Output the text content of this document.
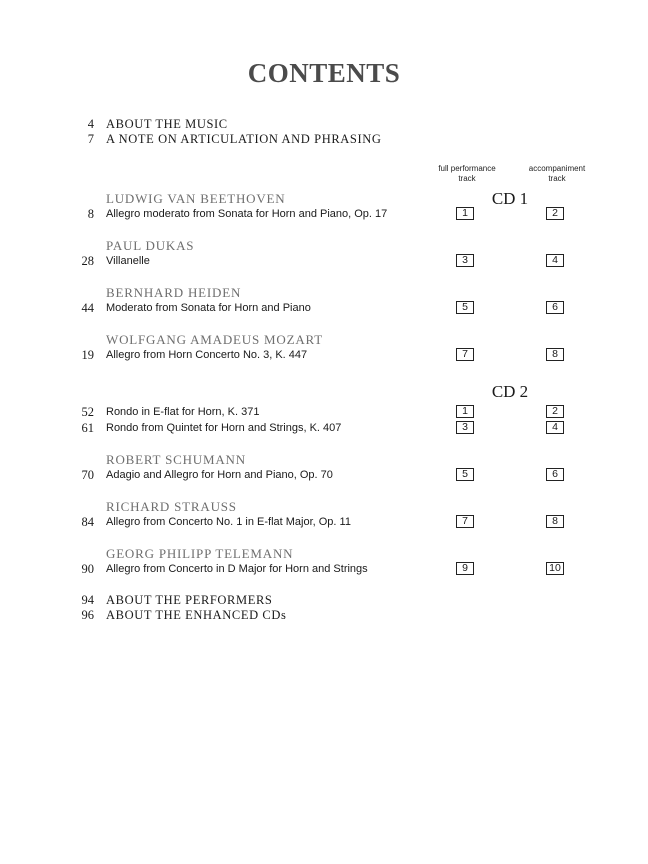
CONTENTS
4 ABOUT THE MUSIC
7 A NOTE ON ARTICULATION AND PHRASING
full performance
track
accompaniment
track
CD 1
LUDWIG VAN BEETHOVEN
8 Allegro moderato from Sonata for Horn and Piano, Op. 17	1	2
PAUL DUKAS
28 Villanelle	3	4
BERNHARD HEIDEN
44 Moderato from Sonata for Horn and Piano	5	6
WOLFGANG AMADEUS MOZART
19 Allegro from Horn Concerto No. 3, K. 447	7	8
CD 2
52 Rondo in E-flat for Horn, K. 371	1	2
61 Rondo from Quintet for Horn and Strings, K. 407	3	4
ROBERT SCHUMANN
70 Adagio and Allegro for Horn and Piano, Op. 70	5	6
RICHARD STRAUSS
84 Allegro from Concerto No. 1 in E-flat Major, Op. 11	7	8
GEORG PHILIPP TELEMANN
90 Allegro from Concerto in D Major for Horn and Strings	9	10
94 ABOUT THE PERFORMERS
96 ABOUT THE ENHANCED CDs
